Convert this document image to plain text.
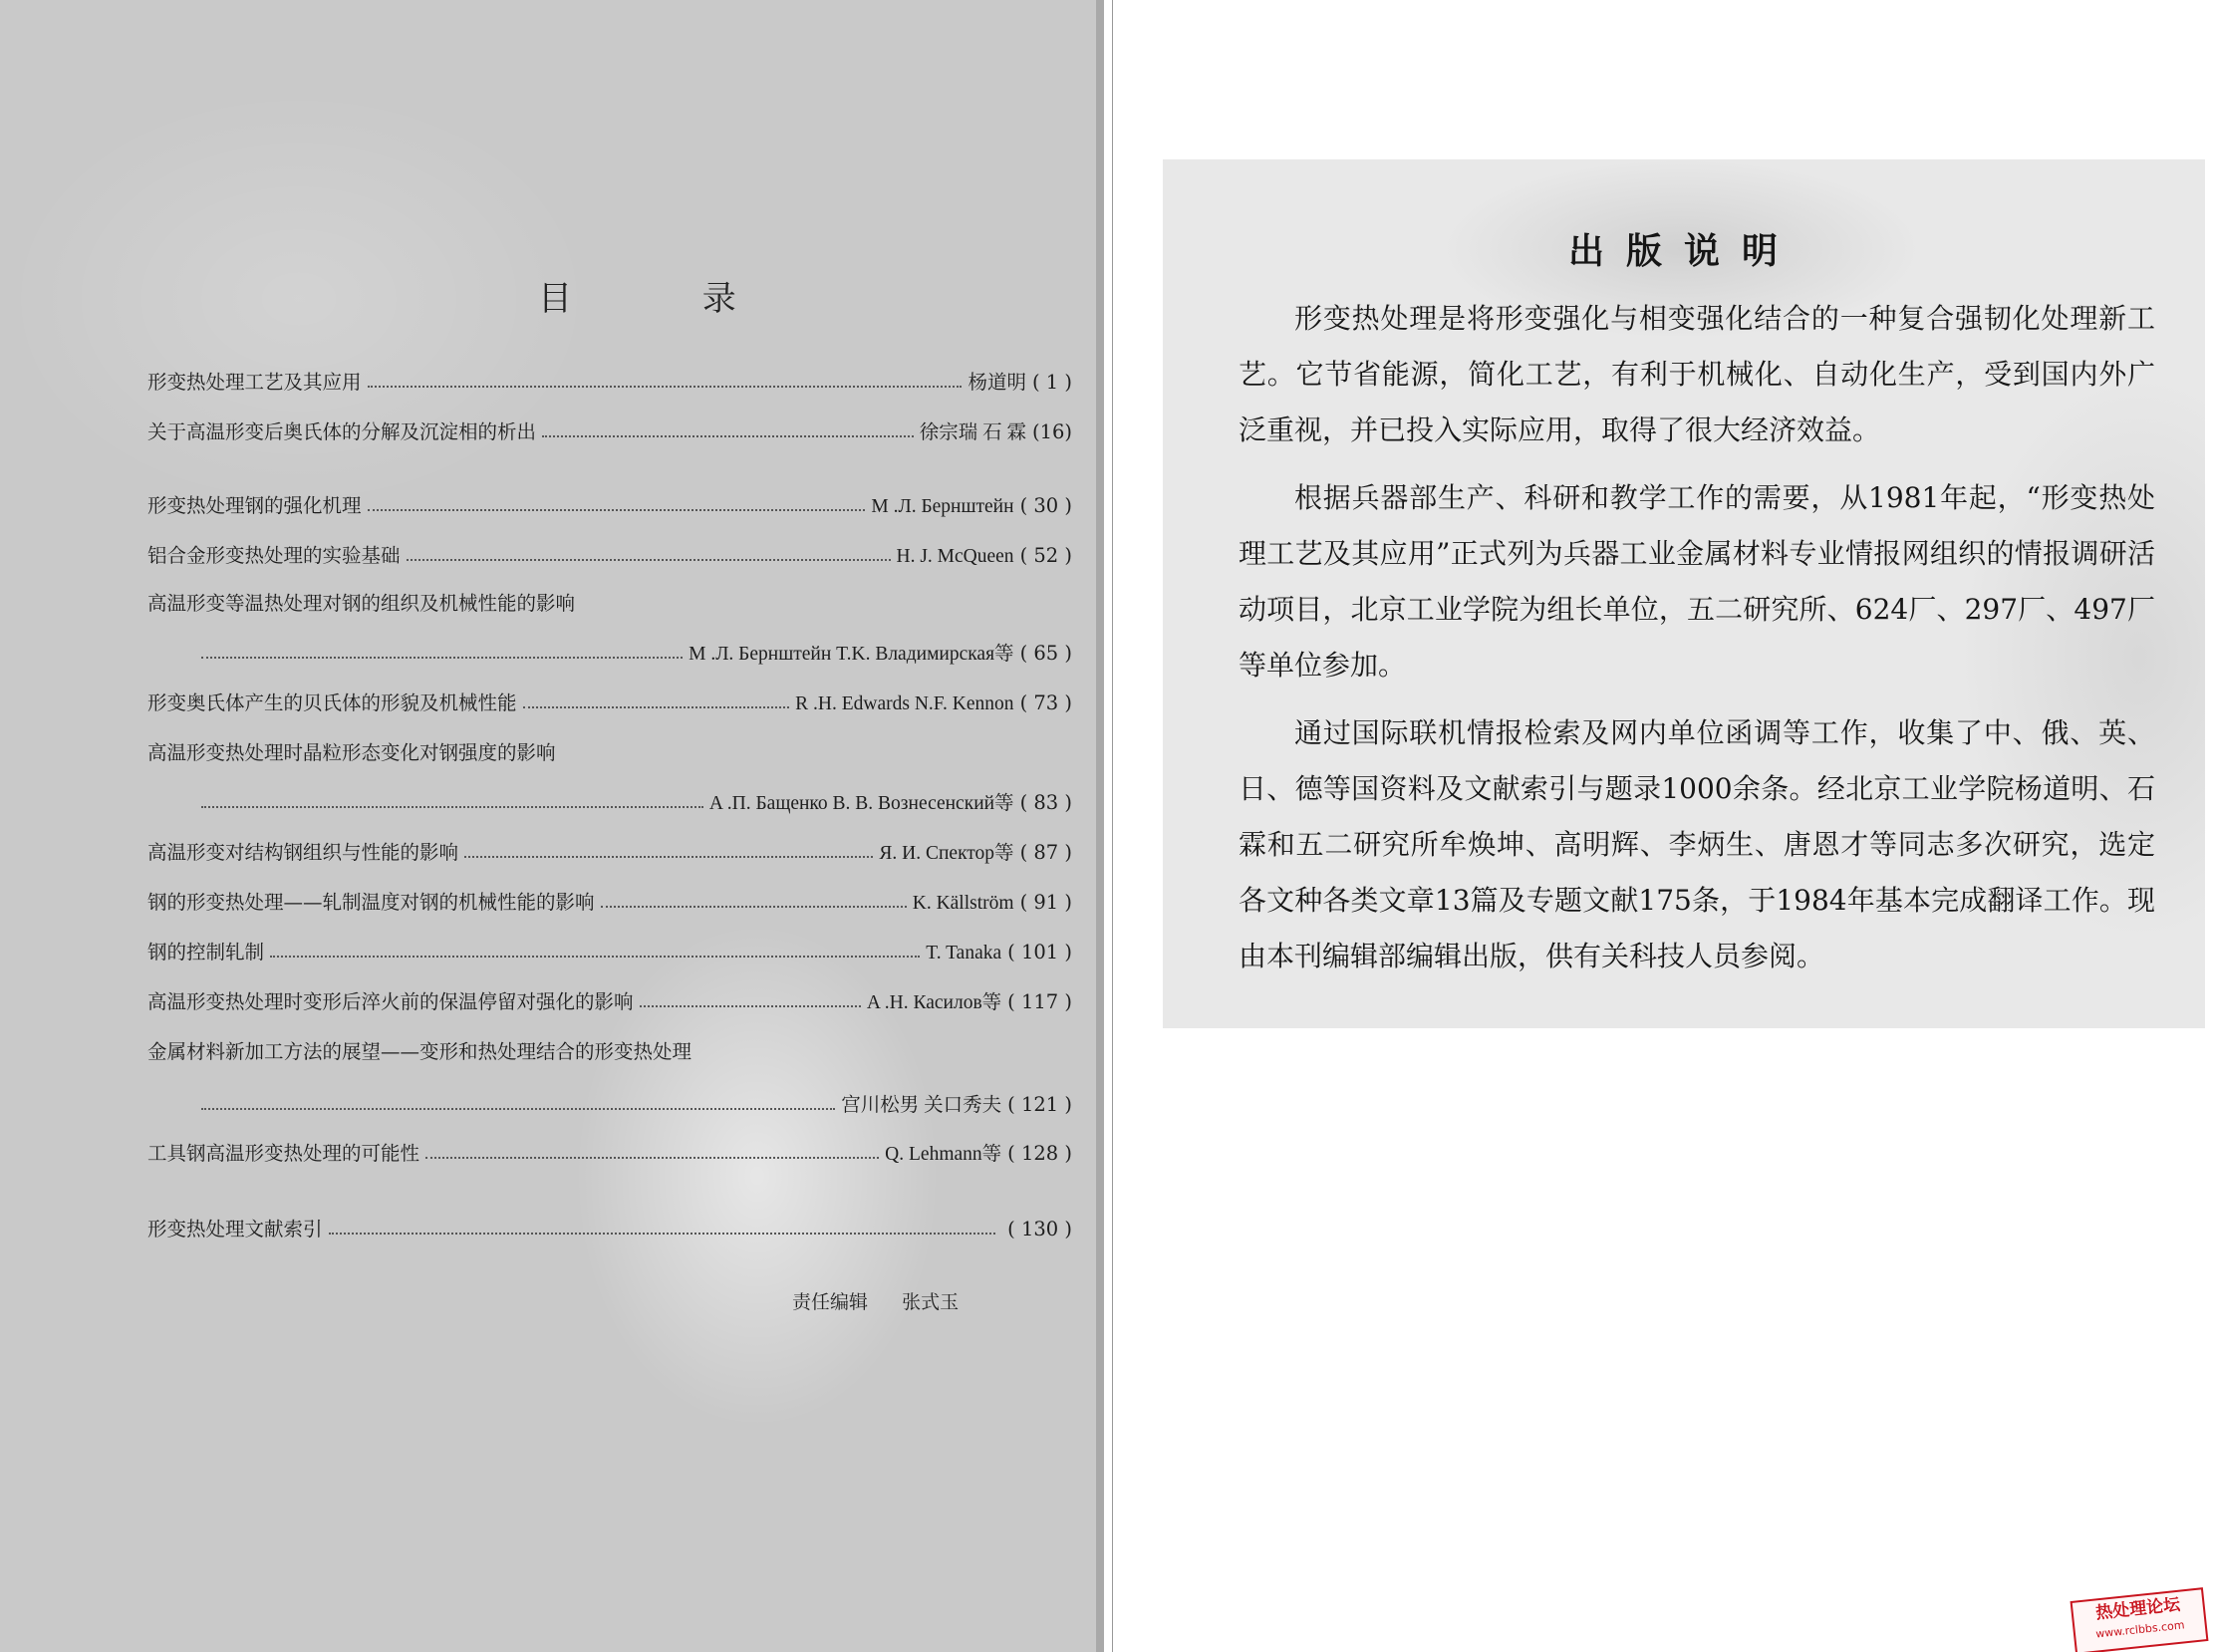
目 录
形变热处理工艺及其应用	杨道明 ( 1 )
关于高温形变后奥氏体的分解及沉淀相的析出	徐宗瑞 石 霖 (16)
形变热处理钢的强化机理	M .Л. Бернштейн ( 30 )
铝合金形变热处理的实验基础	H. J. McQueen ( 52 )
高温形变等温热处理对钢的组织及机械性能的影响
M .Л. Бернштейн T.K. Владимирская等 ( 65 )
形变奥氏体产生的贝氏体的形貌及机械性能	R .H. Edwards N.F. Kennon ( 73 )
高温形变热处理时晶粒形态变化对钢强度的影响
A .П. Бащенко B. B. Вознесенский等 ( 83 )
高温形变对结构钢组织与性能的影响	Я. И. Спектор等 ( 87 )
钢的形变热处理——轧制温度对钢的机械性能的影响	K. Källström ( 91 )
钢的控制轧制	T. Tanaka ( 101 )
高温形变热处理时变形后淬火前的保温停留对强化的影响	A .H. Касилов等 ( 117 )
金属材料新加工方法的展望——变形和热处理结合的形变热处理
宫川松男 关口秀夫 ( 121 )
工具钢高温形变热处理的可能性	Q. Lehmann等 ( 128 )
形变热处理文献索引	( 130 )
责任编辑 张式玉
出版说明

形变热处理是将形变强化与相变强化结合的一种复合强韧化处理新工艺。它节省能源，简化工艺，有利于机械化、自动化生产，受到国内外广泛重视，并已投入实际应用，取得了很大经济效益。

根据兵器部生产、科研和教学工作的需要，从1981年起，“形变热处理工艺及其应用”正式列为兵器工业金属材料专业情报网组织的情报调研活动项目，北京工业学院为组长单位，五二研究所、624厂、297厂、497厂等单位参加。

通过国际联机情报检索及网内单位函调等工作，收集了中、俄、英、日、德等国资料及文献索引与题录1000余条。经北京工业学院杨道明、石霖和五二研究所牟焕坤、高明辉、李炳生、唐恩才等同志多次研究，选定各文种各类文章13篇及专题文献175条，于1984年基本完成翻译工作。现由本刊编辑部编辑出版，供有关科技人员参阅。

热处理论坛
www.rclbbs.com
